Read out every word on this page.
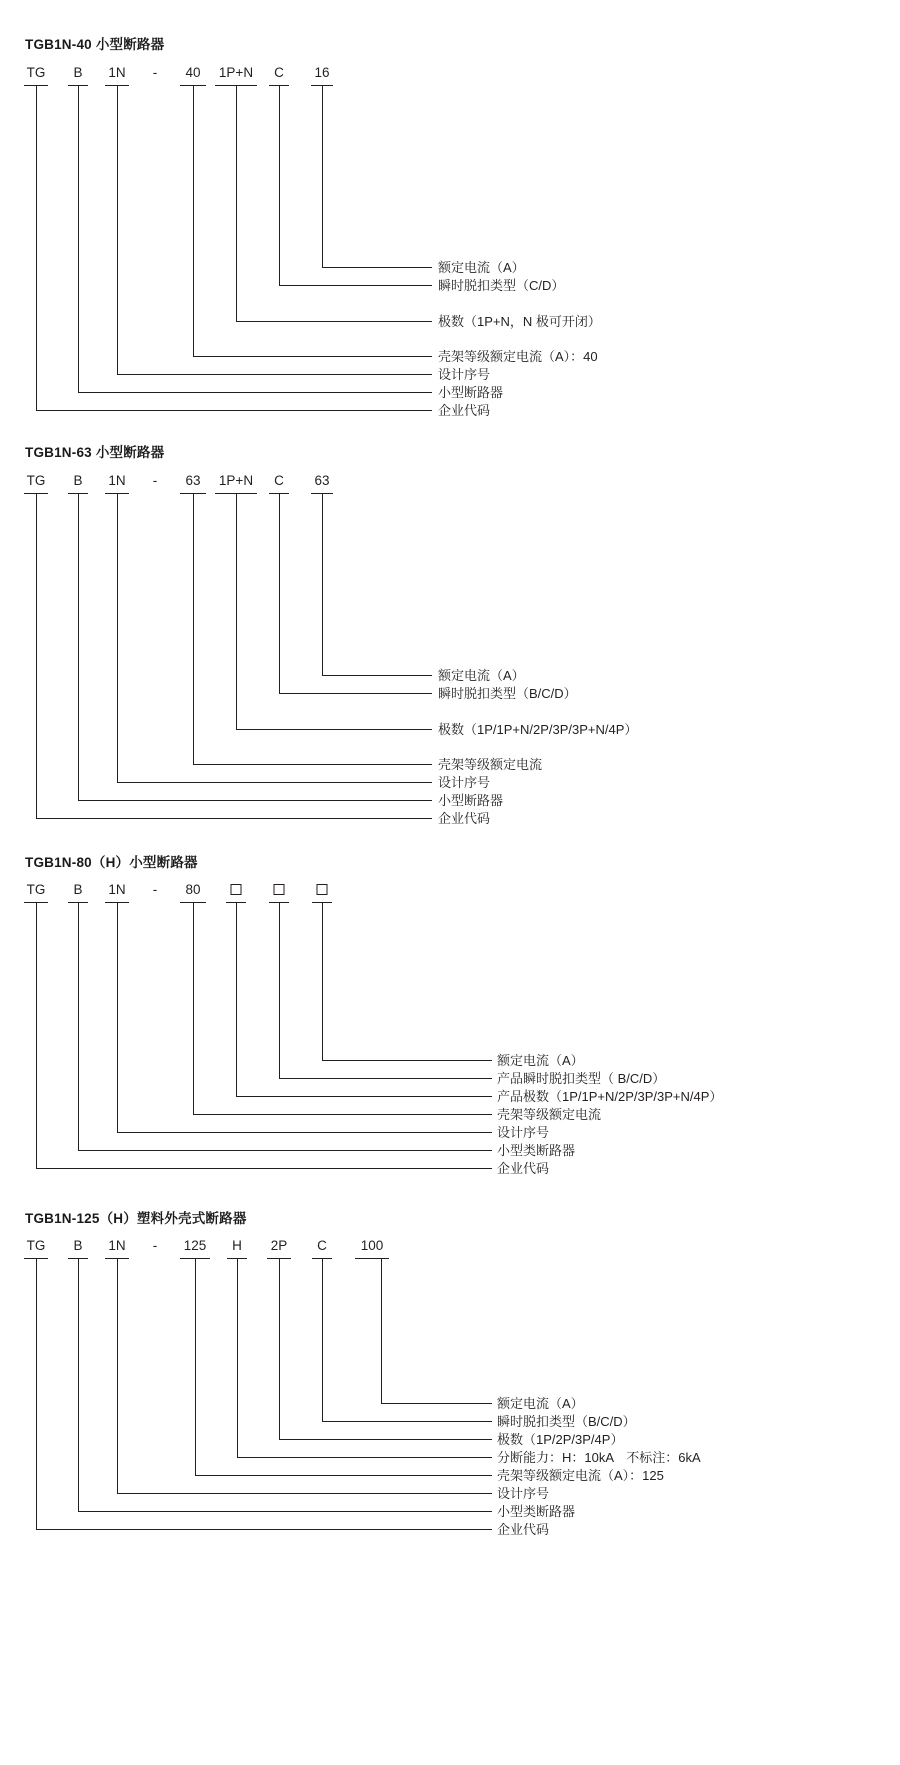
TGB1N-40 小型断路器
TG B 1N - 40 1P+N C 16
额定电流（A）
瞬时脱扣类型（C/D）
极数（1P+N，N 极可开闭）
壳架等级额定电流（A）：40
设计序号
小型断路器
企业代码
TGB1N-63 小型断路器
TG B 1N - 63 1P+N C 63
额定电流（A）
瞬时脱扣类型（B/C/D）
极数（1P/1P+N/2P/3P/3P+N/4P）
壳架等级额定电流
设计序号
小型断路器
企业代码
TGB1N-80（H）小型断路器
TG B 1N - 80
额定电流（A）
产品瞬时脱扣类型（ B/C/D）
产品极数（1P/1P+N/2P/3P/3P+N/4P）
壳架等级额定电流
设计序号
小型类断路器
企业代码
TGB1N-125（H）塑料外壳式断路器
TG B 1N - 125 H 2P C	100
额定电流（A）
瞬时脱扣类型（B/C/D）
极数（1P/2P/3P/4P）
分断能力：H：10kA　不标注：6kA
壳架等级额定电流（A）：125
设计序号
小型类断路器
企业代码
